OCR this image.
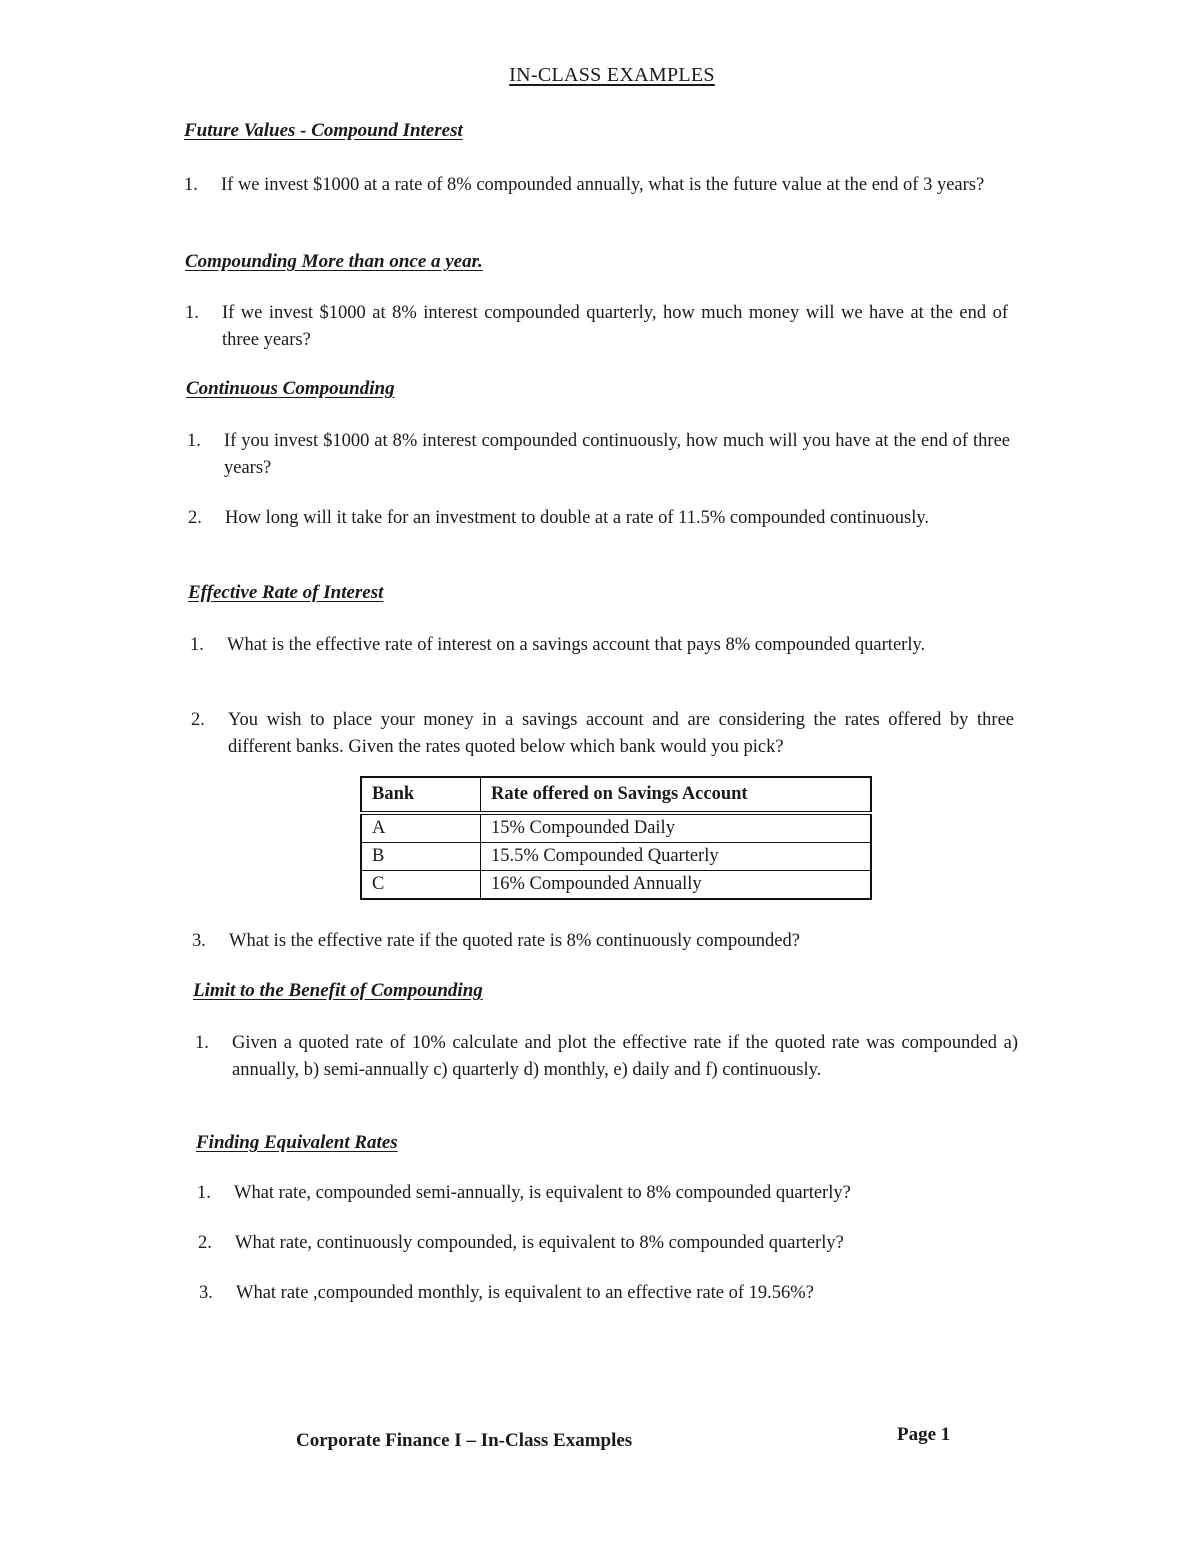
IN-CLASS EXAMPLES
Future Values - Compound Interest
1. If we invest $1000 at a rate of 8% compounded annually, what is the future value at the end of 3 years?
Compounding More than once a year.
1. If we invest $1000 at 8% interest compounded quarterly, how much money will we have at the end of three years?
Continuous Compounding
1. If you invest $1000 at 8% interest compounded continuously, how much will you have at the end of three years?
2. How long will it take for an investment to double at a rate of 11.5% compounded continuously.
Effective Rate of Interest
1. What is the effective rate of interest on a savings account that pays 8% compounded quarterly.
2. You wish to place your money in a savings account and are considering the rates offered by three different banks. Given the rates quoted below which bank would you pick?
Bank	Rate offered on Savings Account
A	15% Compounded Daily
B	15.5% Compounded Quarterly
C	16% Compounded Annually
3. What is the effective rate if the quoted rate is 8% continuously compounded?
Limit to the Benefit of Compounding
1. Given a quoted rate of 10% calculate and plot the effective rate if the quoted rate was compounded a) annually, b) semi-annually c) quarterly d) monthly, e) daily and f) continuously.
Finding Equivalent Rates
1. What rate, compounded semi-annually, is equivalent to 8% compounded quarterly?
2. What rate, continuously compounded, is equivalent to 8% compounded quarterly?
3. What rate ,compounded monthly, is equivalent to an effective rate of 19.56%?
Corporate Finance I – In-Class Examples	Page 1
